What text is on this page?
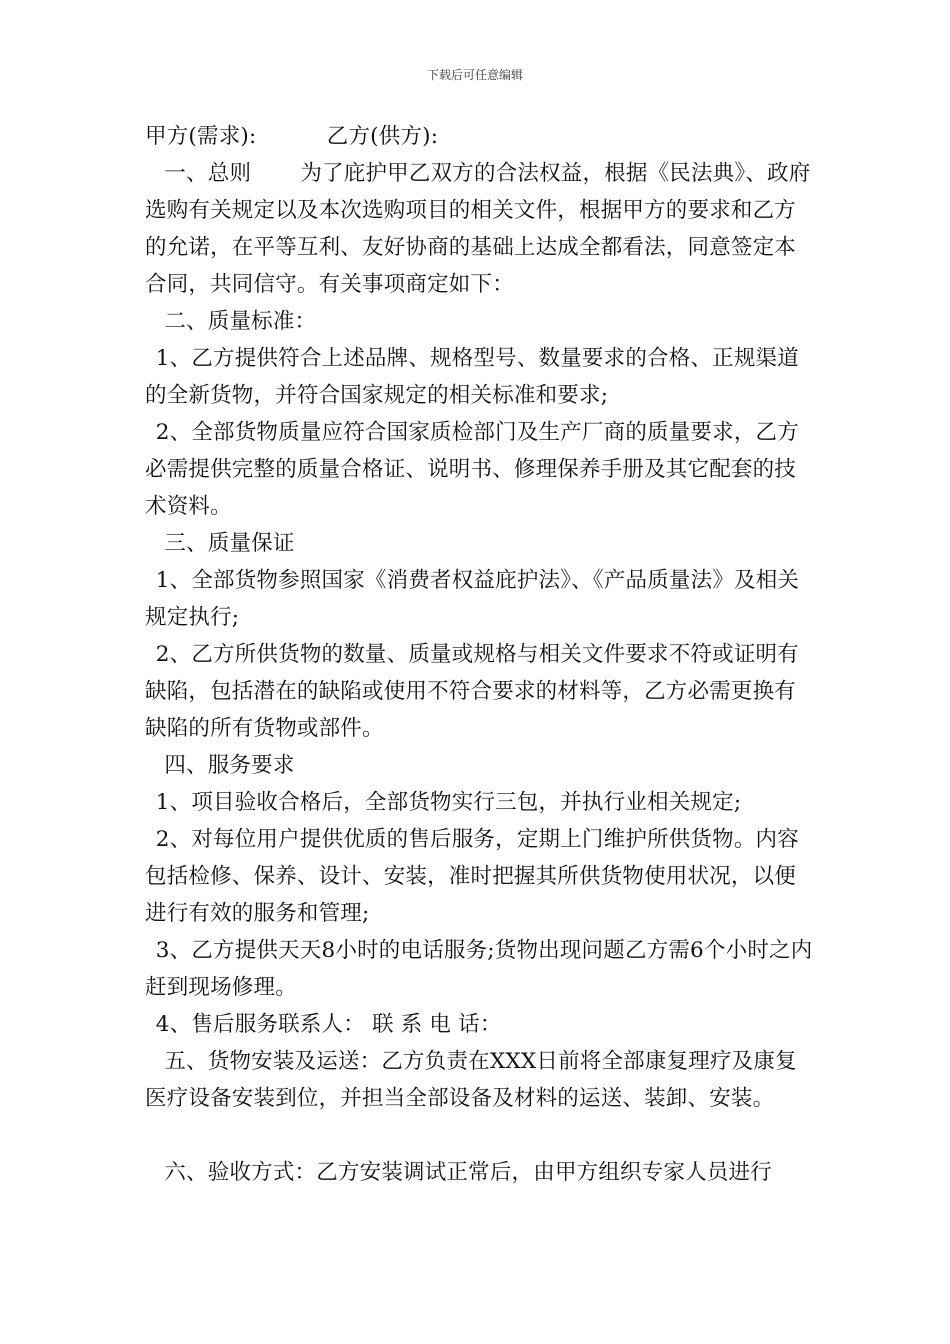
下载后可任意编辑

甲方(需求):          乙方(供方):

一、总则       为了庇护甲乙双方的合法权益，根据《民法典》、政府选购有关规定以及本次选购项目的相关文件，根据甲方的要求和乙方的允诺，在平等互利、友好协商的基础上达成全都看法，同意签定本合同，共同信守。有关事项商定如下：

二、质量标准：

1、乙方提供符合上述品牌、规格型号、数量要求的合格、正规渠道的全新货物，并符合国家规定的相关标准和要求;

2、全部货物质量应符合国家质检部门及生产厂商的质量要求，乙方必需提供完整的质量合格证、说明书、修理保养手册及其它配套的技术资料。

三、质量保证

1、全部货物参照国家《消费者权益庇护法》、《产品质量法》及相关规定执行;

2、乙方所供货物的数量、质量或规格与相关文件要求不符或证明有缺陷，包括潜在的缺陷或使用不符合要求的材料等，乙方必需更换有缺陷的所有货物或部件。

四、服务要求

1、项目验收合格后，全部货物实行三包，并执行业相关规定;

2、对每位用户提供优质的售后服务，定期上门维护所供货物。内容包括检修、保养、设计、安装，准时把握其所供货物使用状况，以便进行有效的服务和管理;

3、乙方提供天天8小时的电话服务;货物出现问题乙方需6个小时之内赶到现场修理。

4、售后服务联系人： 联 系 电 话：

五、货物安装及运送：乙方负责在XXX日前将全部康复理疗及康复医疗设备安装到位，并担当全部设备及材料的运送、装卸、安装。

六、验收方式：乙方安装调试正常后，由甲方组织专家人员进行
